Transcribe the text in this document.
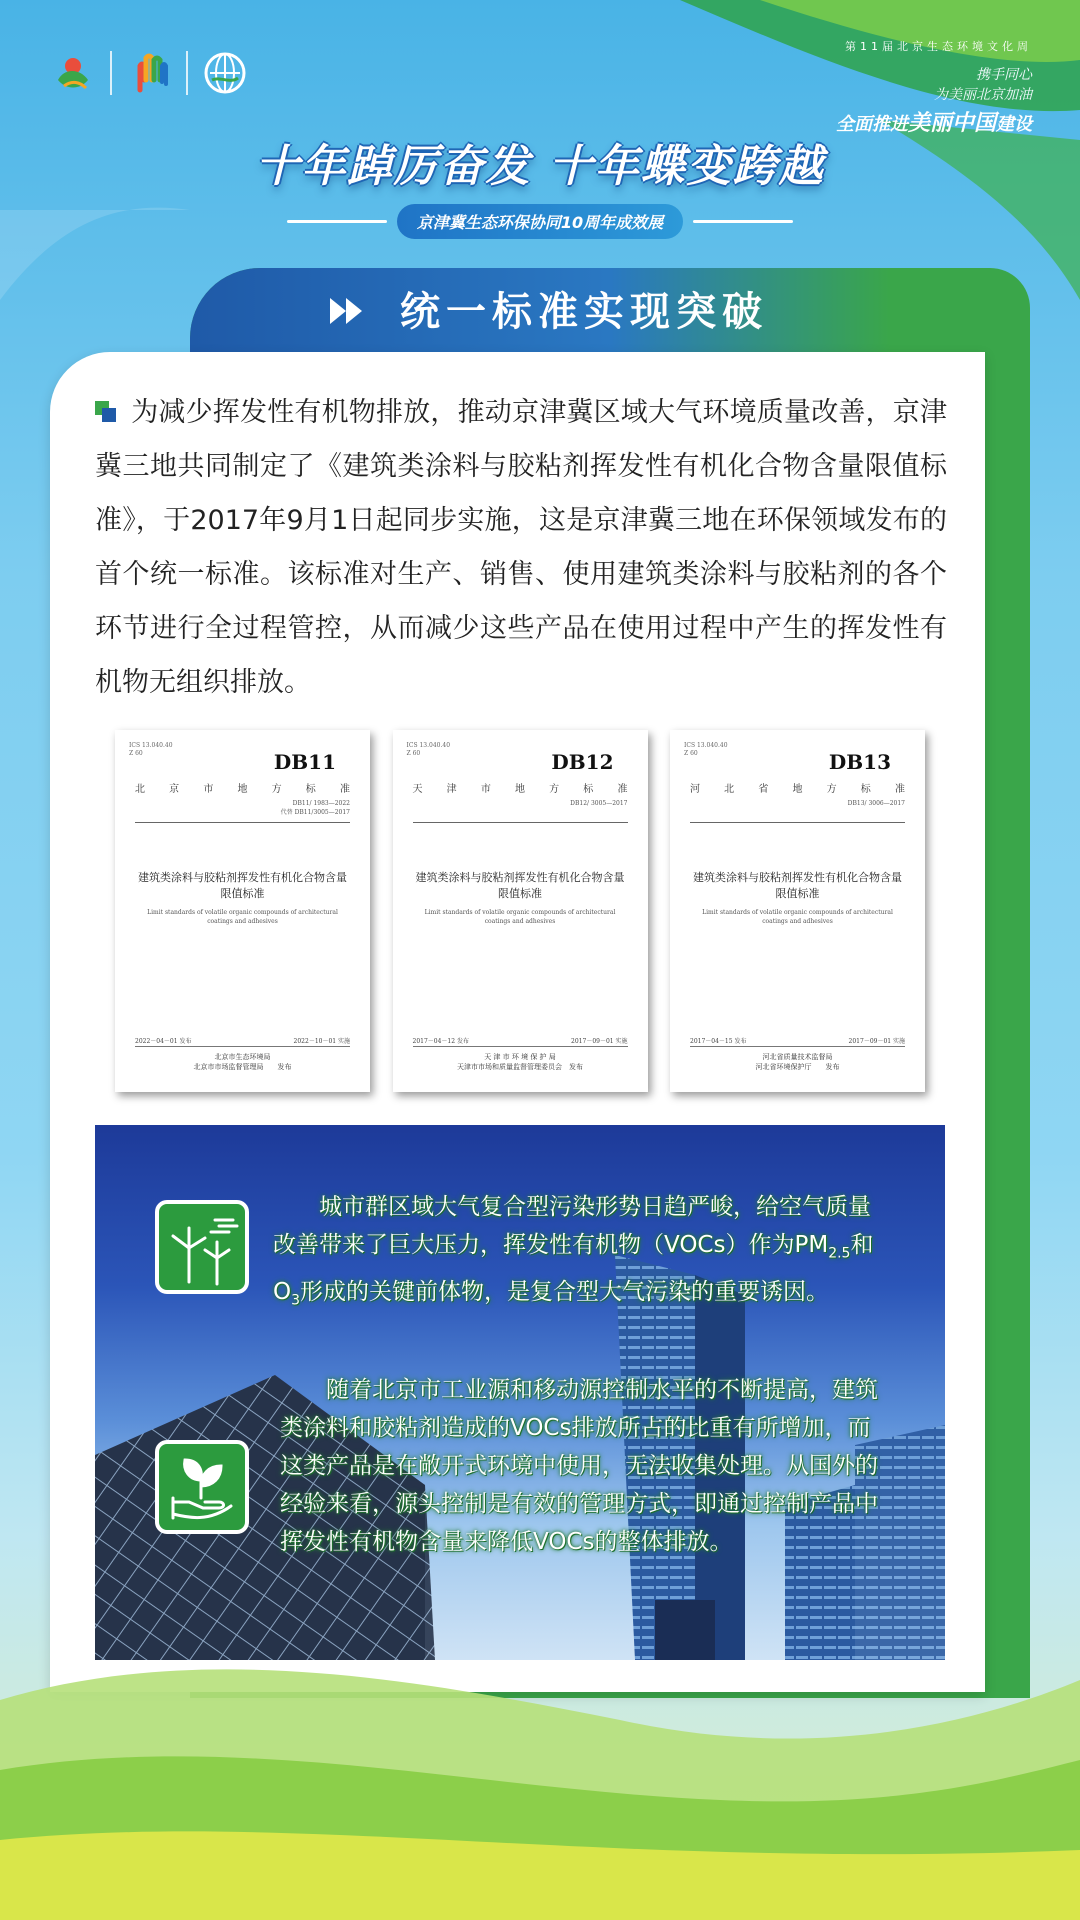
第11届北京生态环境文化周
携手同心
为美丽北京加油
全面推进美丽中国建设
十年踔厉奋发 十年蝶变跨越
京津冀生态环保协同10周年成效展
统一标准实现突破
为减少挥发性有机物排放，推动京津冀区域大气环境质量改善，京津冀三地共同制定了《建筑类涂料与胶粘剂挥发性有机化合物含量限值标准》，于2017年9月1日起同步实施，这是京津冀三地在环保领域发布的首个统一标准。该标准对生产、销售、使用建筑类涂料与胶粘剂的各个环节进行全过程管控，从而减少这些产品在使用过程中产生的挥发性有机物无组织排放。
ICS 13.040.40
Z 60	DB11
北 京 市 地 方 标 准
DB11/ 1983—2022
代替 DB11/3005—2017
建筑类涂料与胶粘剂挥发性有机化合物含量限值标准
Limit standards of volatile organic compounds of architectural coatings and adhesives
2022－04－01 发布	2022－10－01 实施
北京市生态环境局
北京市市场监督管理局　　发布
ICS 13.040.40
Z 60	DB12
天 津 市 地 方 标 准
DB12/ 3005—2017
建筑类涂料与胶粘剂挥发性有机化合物含量限值标准
Limit standards of volatile organic compounds of architectural coatings and adhesives
2017－04－12 发布	2017－09－01 实施
天 津 市 环 境 保 护 局
天津市市场和质量监督管理委员会　发布
ICS 13.040.40
Z 60	DB13
河 北 省 地 方 标 准
DB13/ 3006—2017
建筑类涂料与胶粘剂挥发性有机化合物含量限值标准
Limit standards of volatile organic compounds of architectural coatings and adhesives
2017－04－15 发布	2017－09－01 实施
河北省质量技术监督局
河北省环境保护厅　　发布
城市群区域大气复合型污染形势日趋严峻，给空气质量改善带来了巨大压力，挥发性有机物（VOCs）作为$PM_{2.5}$和$O_3$形成的关键前体物，是复合型大气污染的重要诱因。
随着北京市工业源和移动源控制水平的不断提高，建筑类涂料和胶粘剂造成的VOCs排放所占的比重有所增加，而这类产品是在敞开式环境中使用，无法收集处理。从国外的经验来看，源头控制是有效的管理方式，即通过控制产品中挥发性有机物含量来降低VOCs的整体排放。
